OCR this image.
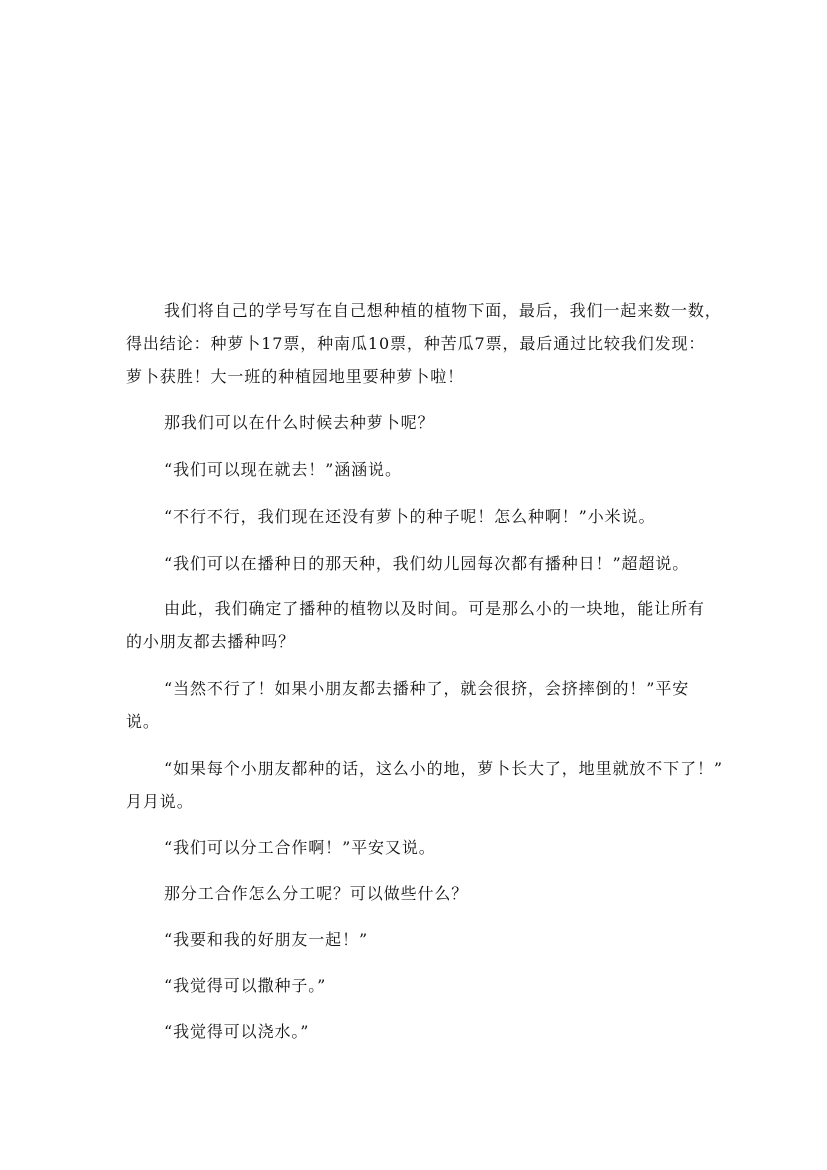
我们将自己的学号写在自己想种植的植物下面，最后，我们一起来数一数，
得出结论：种萝卜17票，种南瓜10票，种苦瓜7票，最后通过比较我们发现：
萝卜获胜！大一班的种植园地里要种萝卜啦！
那我们可以在什么时候去种萝卜呢？
“我们可以现在就去！”涵涵说。
“不行不行，我们现在还没有萝卜的种子呢！怎么种啊！”小米说。
“我们可以在播种日的那天种，我们幼儿园每次都有播种日！”超超说。
由此，我们确定了播种的植物以及时间。可是那么小的一块地，能让所有
的小朋友都去播种吗？
“当然不行了！如果小朋友都去播种了，就会很挤，会挤摔倒的！”平安
说。
“如果每个小朋友都种的话，这么小的地，萝卜长大了，地里就放不下了！”
月月说。
“我们可以分工合作啊！”平安又说。
那分工合作怎么分工呢？可以做些什么？
“我要和我的好朋友一起！”
“我觉得可以撒种子。”
“我觉得可以浇水。”
